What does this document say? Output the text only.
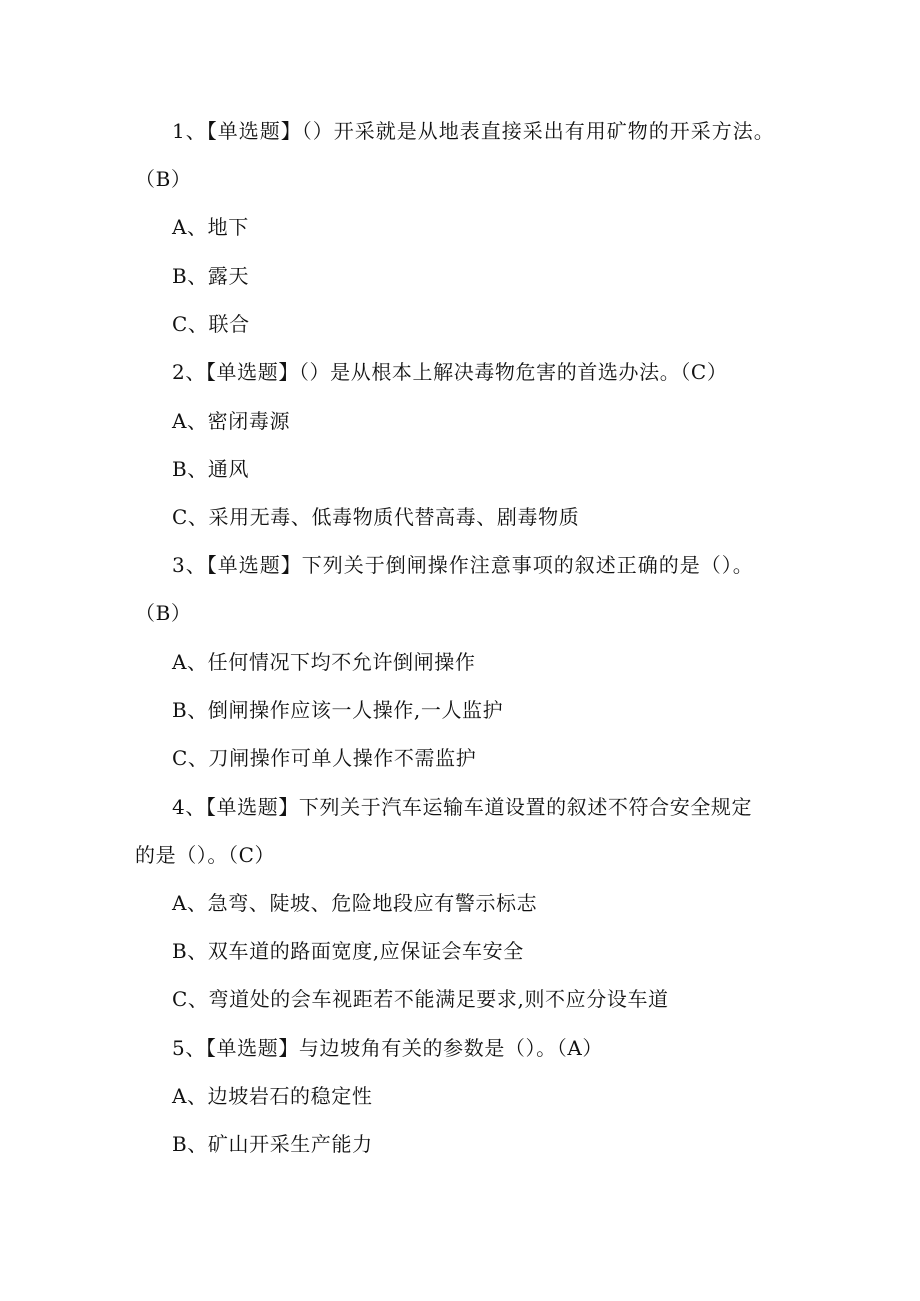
1、【单选题】（）开采就是从地表直接采出有用矿物的开采方法。
（B）
A、地下
B、露天
C、联合
2、【单选题】（）是从根本上解决毒物危害的首选办法。（C）
A、密闭毒源
B、通风
C、采用无毒、低毒物质代替高毒、剧毒物质
3、【单选题】下列关于倒闸操作注意事项的叙述正确的是（）。
（B）
A、任何情况下均不允许倒闸操作
B、倒闸操作应该一人操作,一人监护
C、刀闸操作可单人操作不需监护
4、【单选题】下列关于汽车运输车道设置的叙述不符合安全规定
的是（）。（C）
A、急弯、陡坡、危险地段应有警示标志
B、双车道的路面宽度,应保证会车安全
C、弯道处的会车视距若不能满足要求,则不应分设车道
5、【单选题】与边坡角有关的参数是（）。（A）
A、边坡岩石的稳定性
B、矿山开采生产能力
